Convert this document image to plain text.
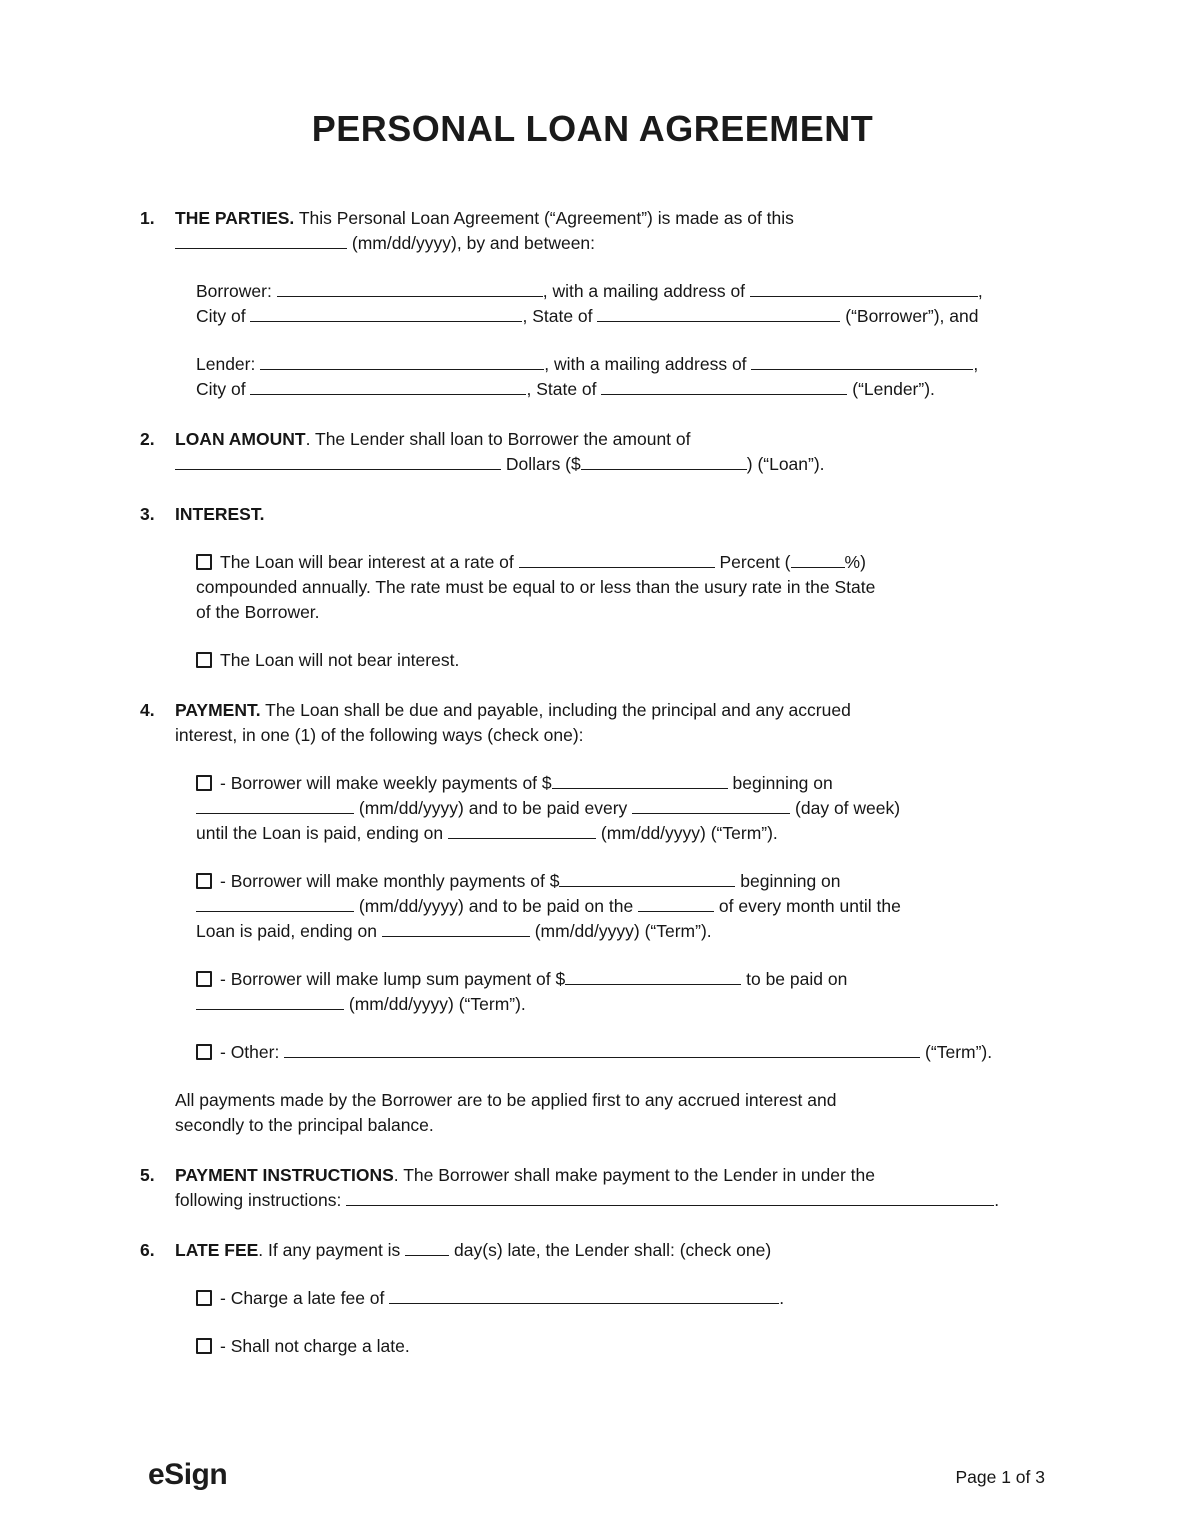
PERSONAL LOAN AGREEMENT
1.	THE PARTIES. This Personal Loan Agreement (“Agreement”) is made as of this
(mm/dd/yyyy), by and between:
Borrower:	, with a mailing address of	,
City of	, State of	(“Borrower”), and
Lender:	, with a mailing address of	,
City of	, State of	(“Lender”).
2.	LOAN AMOUNT. The Lender shall loan to Borrower the amount of
Dollars ($	) (“Loan”).
3.	INTEREST.
The Loan will bear interest at a rate of	Percent (	%)
compounded annually. The rate must be equal to or less than the usury rate in the State
of the Borrower.
The Loan will not bear interest.
4.	PAYMENT. The Loan shall be due and payable, including the principal and any accrued
interest, in one (1) of the following ways (check one):
- Borrower will make weekly payments of $	beginning on
(mm/dd/yyyy) and to be paid every	(day of week)
until the Loan is paid, ending on	(mm/dd/yyyy) (“Term”).
- Borrower will make monthly payments of $	beginning on
(mm/dd/yyyy) and to be paid on the	of every month until the
Loan is paid, ending on	(mm/dd/yyyy) (“Term”).
- Borrower will make lump sum payment of $	to be paid on
(mm/dd/yyyy) (“Term”).
- Other:	(“Term”).
All payments made by the Borrower are to be applied first to any accrued interest and
secondly to the principal balance.
5.	PAYMENT INSTRUCTIONS. The Borrower shall make payment to the Lender in under the
following instructions:	.
6.	LATE FEE. If any payment is	day(s) late, the Lender shall: (check one)
- Charge a late fee of	.
- Shall not charge a late.
eSign	Page 1 of 3
